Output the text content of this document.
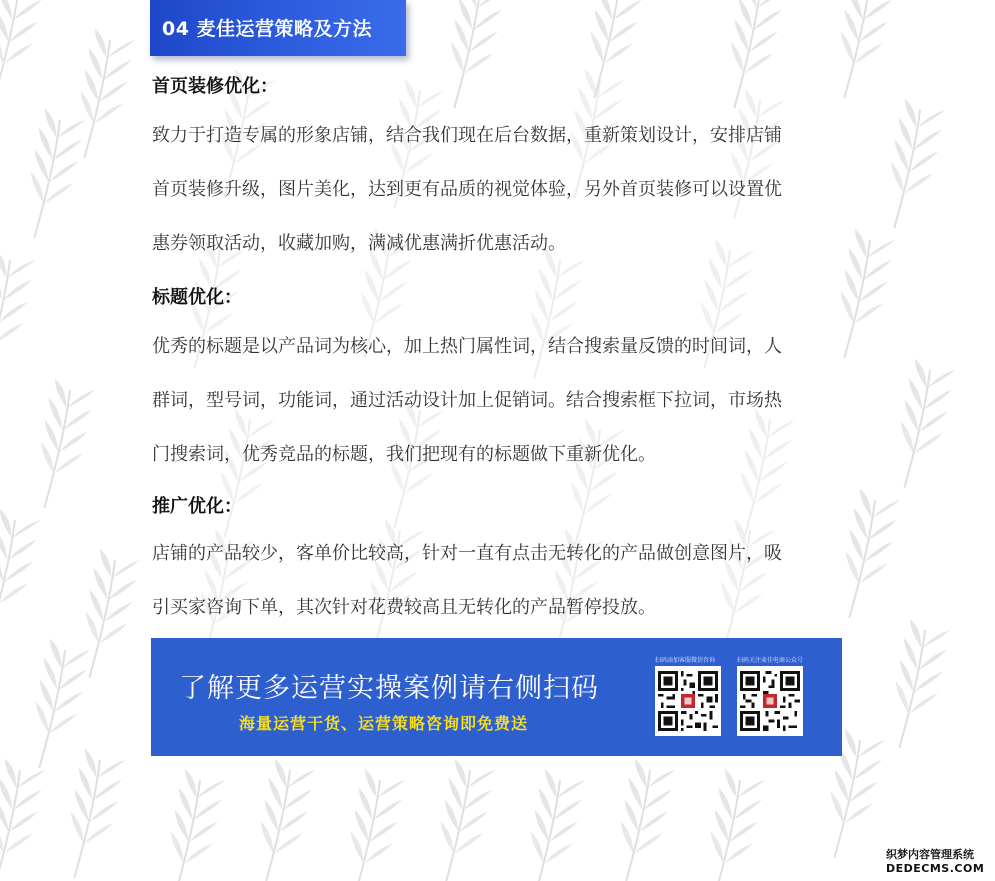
04 麦佳运营策略及方法
首页装修优化：
致力于打造专属的形象店铺，结合我们现在后台数据，重新策划设计，安排店铺
首页装修升级，图片美化，达到更有品质的视觉体验，另外首页装修可以设置优
惠券领取活动，收藏加购，满减优惠满折优惠活动。
标题优化：
优秀的标题是以产品词为核心，加上热门属性词，结合搜索量反馈的时间词，人
群词，型号词，功能词，通过活动设计加上促销词。结合搜索框下拉词，市场热
门搜索词，优秀竞品的标题，我们把现有的标题做下重新优化。
推广优化：
店铺的产品较少，客单价比较高，针对一直有点击无转化的产品做创意图片，吸
引买家咨询下单，其次针对花费较高且无转化的产品暂停投放。
了解更多运营实操案例请右侧扫码
海量运营干货、运营策略咨询即免费送
扫码添加客服微信咨询	扫码关注麦佳电商公众号
织梦内容管理系统
DEDECMS.COM
